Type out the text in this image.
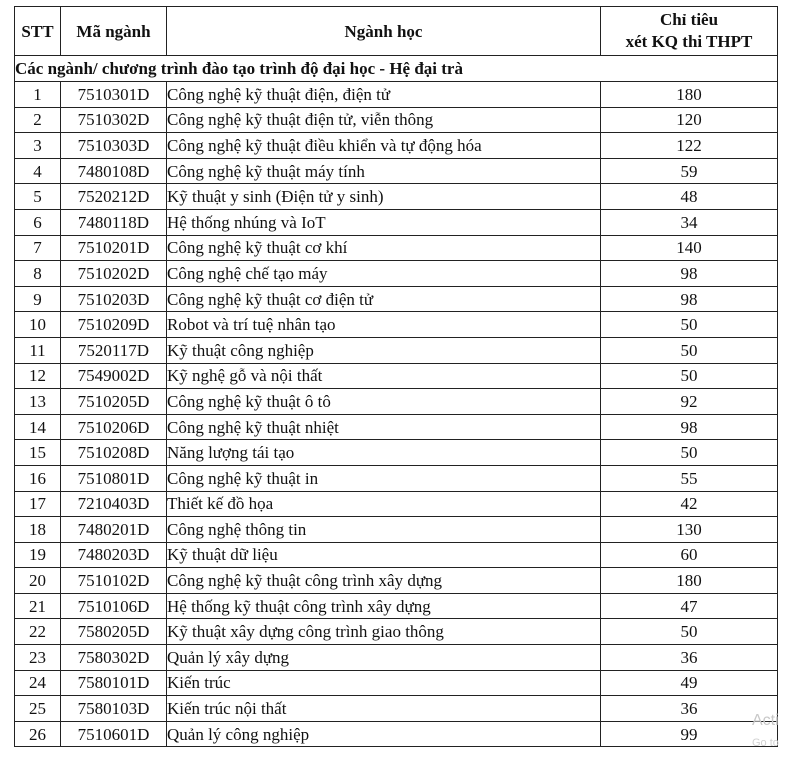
STT	Mã ngành	Ngành học	Chỉ tiêu
xét KQ thi THPT

Các ngành/ chương trình đào tạo trình độ đại học - Hệ đại trà			
1	7510301D	Công nghệ kỹ thuật điện, điện tử	180
2	7510302D	Công nghệ kỹ thuật điện tử, viễn thông	120
3	7510303D	Công nghệ kỹ thuật điều khiển và tự động hóa	122
4	7480108D	Công nghệ kỹ thuật máy tính	59
5	7520212D	Kỹ thuật y sinh (Điện tử y sinh)	48
6	7480118D	Hệ thống nhúng và IoT	34
7	7510201D	Công nghệ kỹ thuật cơ khí	140
8	7510202D	Công nghệ chế tạo máy	98
9	7510203D	Công nghệ kỹ thuật cơ điện tử	98
10	7510209D	Robot và trí tuệ nhân tạo	50
11	7520117D	Kỹ thuật công nghiệp	50
12	7549002D	Kỹ nghệ gỗ và nội thất	50
13	7510205D	Công nghệ kỹ thuật ô tô	92
14	7510206D	Công nghệ kỹ thuật nhiệt	98
15	7510208D	Năng lượng tái tạo	50
16	7510801D	Công nghệ kỹ thuật in	55
17	7210403D	Thiết kế đồ họa	42
18	7480201D	Công nghệ thông tin	130
19	7480203D	Kỹ thuật dữ liệu	60
20	7510102D	Công nghệ kỹ thuật công trình xây dựng	180
21	7510106D	Hệ thống kỹ thuật công trình xây dựng	47
22	7580205D	Kỹ thuật xây dựng công trình giao thông	50
23	7580302D	Quản lý xây dựng	36
24	7580101D	Kiến trúc	49
25	7580103D	Kiến trúc nội thất	36
26	7510601D	Quản lý công nghiệp	99
Acti
Go to
